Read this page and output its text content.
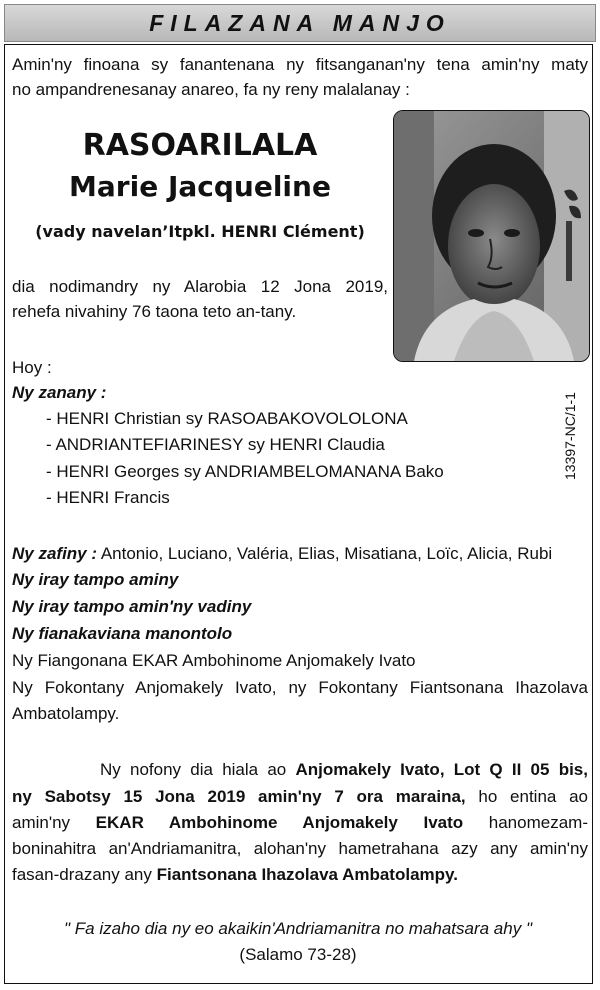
FILAZANA MANJO
Amin'ny finoana sy fanantenana ny fitsanganan'ny tena amin'ny maty
no ampandrenesanay anareo, fa ny reny malalanay :
RASOARILALA
Marie Jacqueline
(vady navelan’Itpkl. HENRI Clément)
dia nodimandry ny Alarobia 12 Jona 2019,
rehefa nivahiny 76 taona teto an-tany.
Hoy :
Ny zanany :
- HENRI Christian sy RASOABAKOVOLOLONA
- ANDRIANTEFIARINESY sy HENRI Claudia
- HENRI Georges sy ANDRIAMBELOMANANA Bako
- HENRI Francis
13397-NC/1-1
Ny zafiny : Antonio, Luciano, Valéria, Elias, Misatiana, Loïc, Alicia, Rubi
Ny iray tampo aminy
Ny iray tampo amin'ny vadiny
Ny fianakaviana manontolo
Ny Fiangonana EKAR Ambohinome Anjomakely Ivato
Ny Fokontany Anjomakely Ivato, ny Fokontany Fiantsonana Ihazolava
Ambatolampy.
Ny nofony dia hiala ao Anjomakely Ivato, Lot Q II 05 bis,
ny Sabotsy 15 Jona 2019 amin'ny 7 ora maraina, ho entina ao
amin'ny EKAR Ambohinome Anjomakely Ivato hanomezam-
boninahitra an'Andriamanitra, alohan'ny hametrahana azy any amin'ny
fasan-drazany any Fiantsonana Ihazolava Ambatolampy.
" Fa izaho dia ny eo akaikin'Andriamanitra no mahatsara ahy "
(Salamo 73-28)
